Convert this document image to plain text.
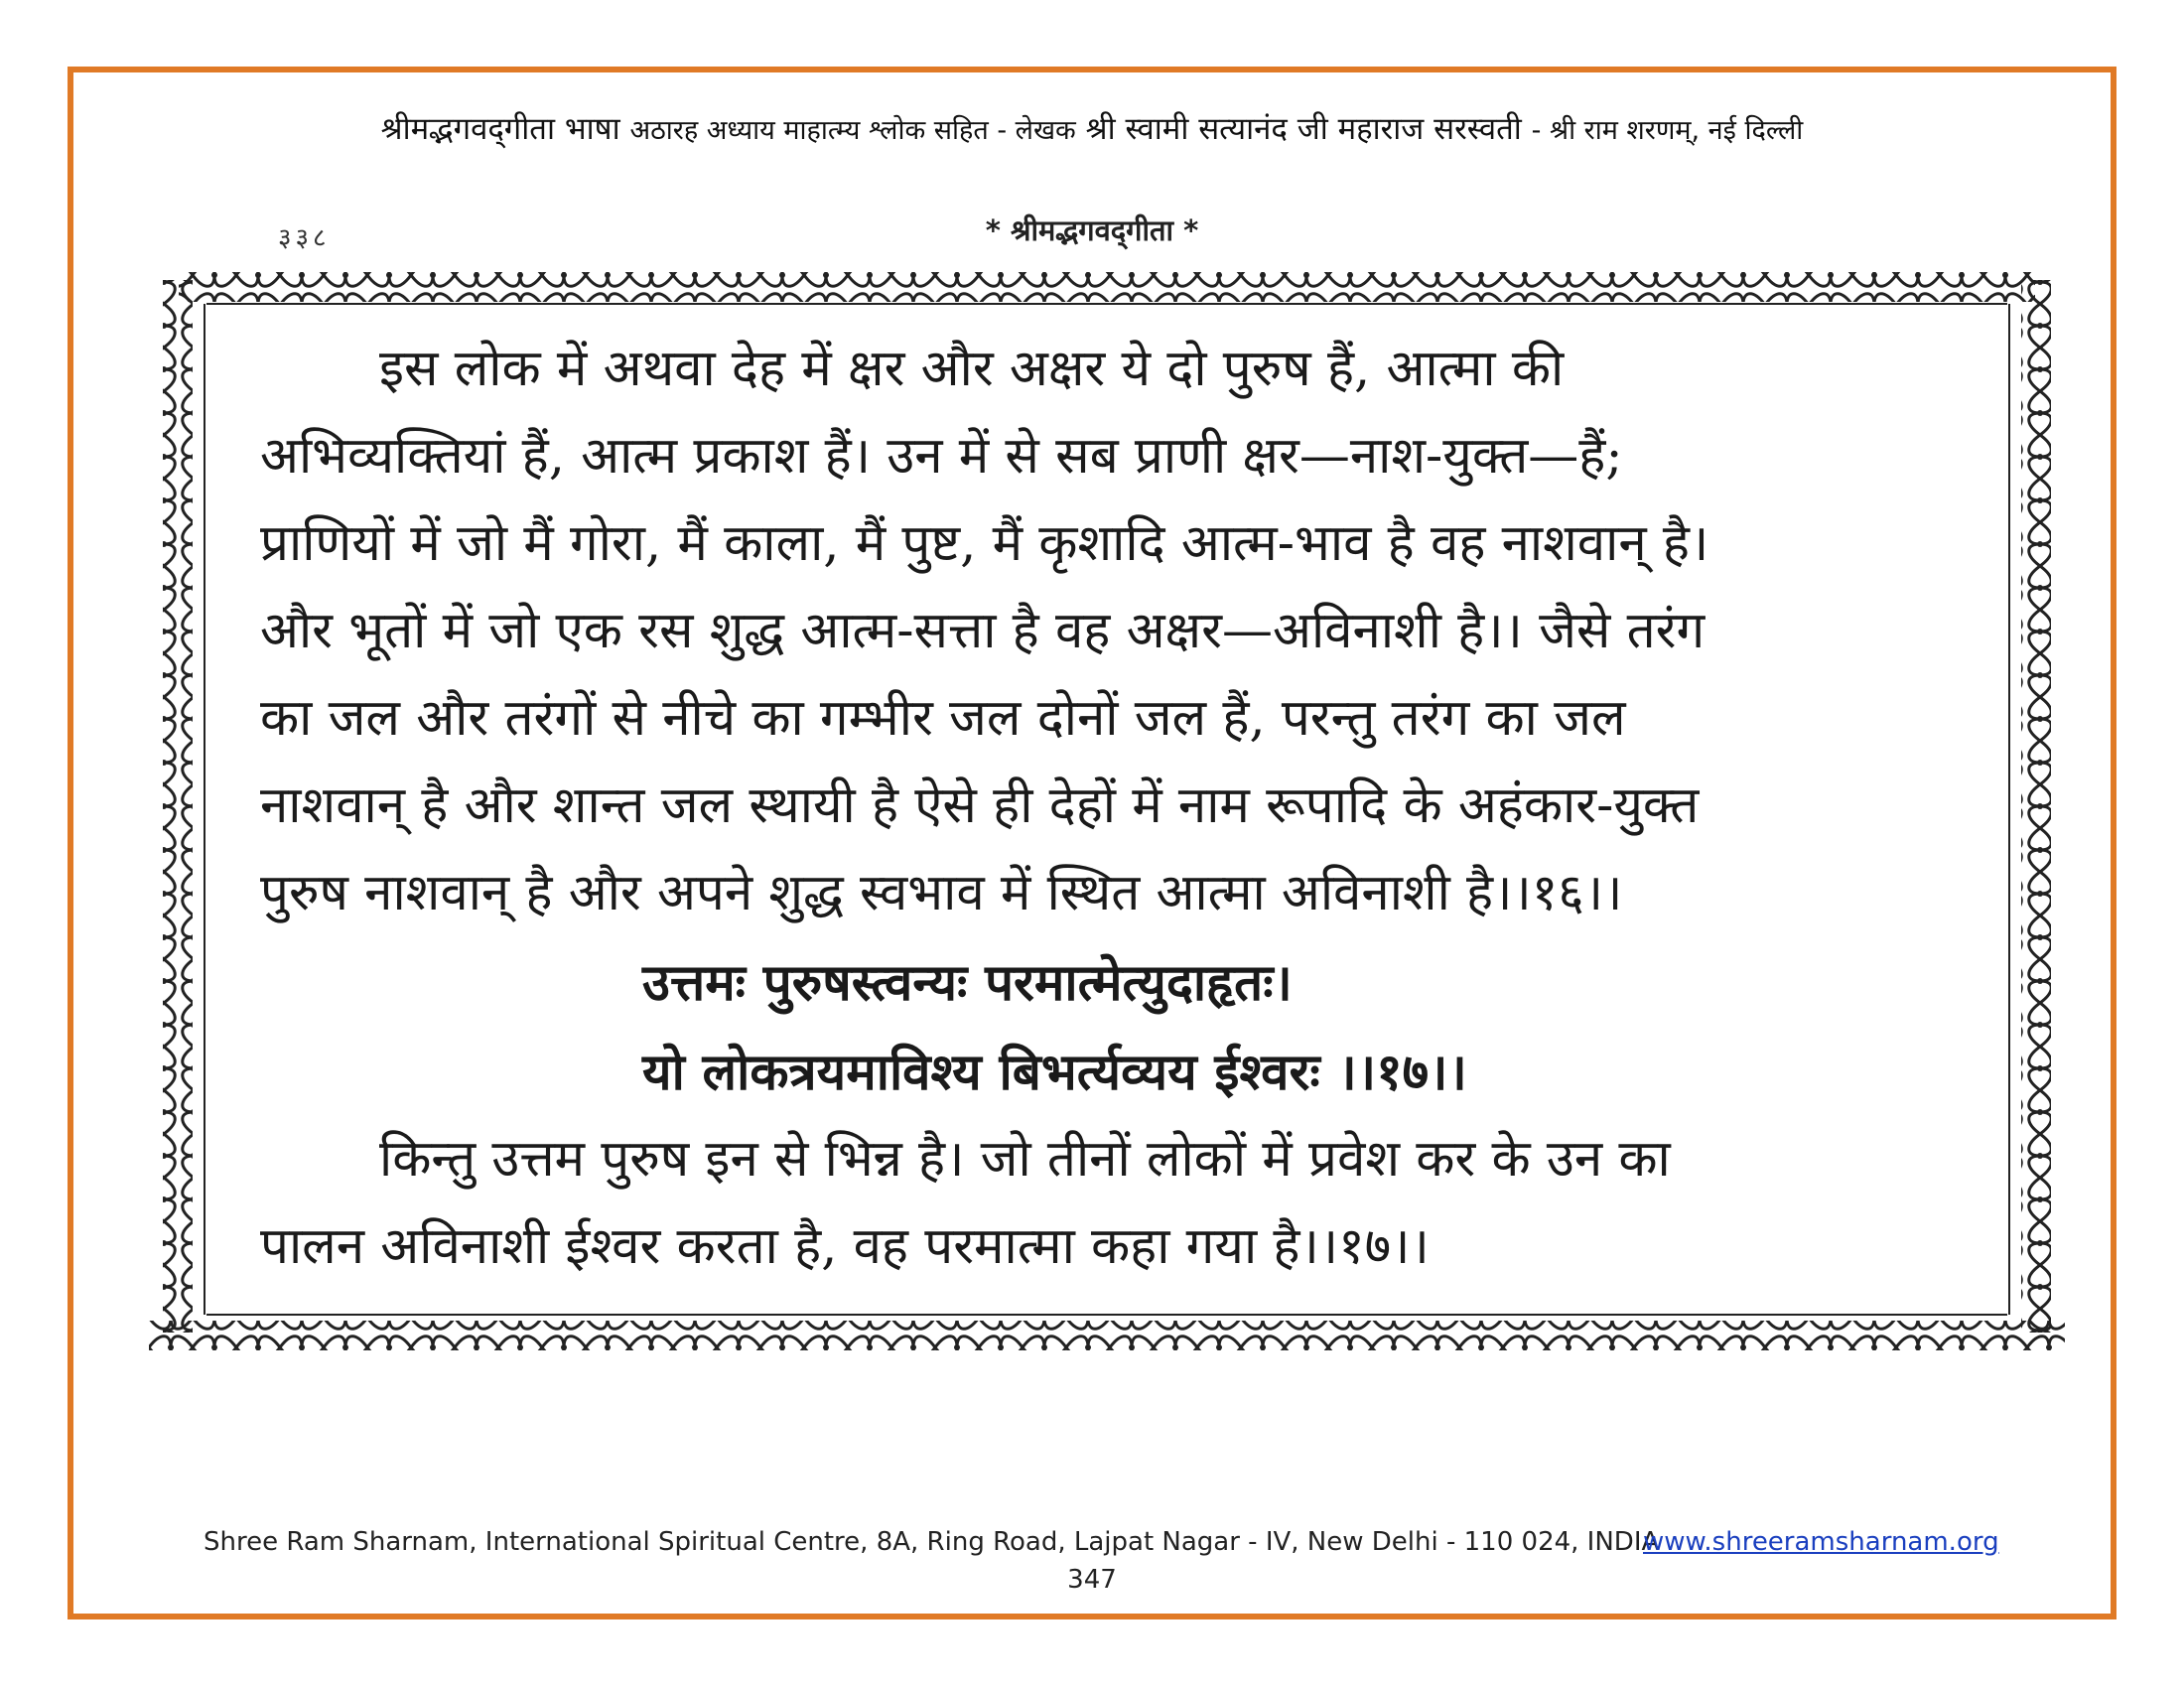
श्रीमद्भगवद्‌गीता भाषा अठारह अध्याय माहात्म्य श्लोक सहित - लेखक श्री स्वामी सत्यानंद जी महाराज सरस्वती - श्री राम शरणम्, नई दिल्ली
३३८	* श्रीमद्भगवद्‌गीता *
इस लोक में अथवा देह में क्षर और अक्षर ये दो पुरुष हैं, आत्मा की
अभिव्यक्तियां हैं, आत्म प्रकाश हैं। उन में से सब प्राणी क्षर—नाश-युक्त—हैं;
प्राणियों में जो मैं गोरा, मैं काला, मैं पुष्ट, मैं कृशादि आत्म-भाव है वह नाशवान् है।
और भूतों में जो एक रस शुद्ध आत्म-सत्ता है वह अक्षर—अविनाशी है।। जैसे तरंग
का जल और तरंगों से नीचे का गम्भीर जल दोनों जल हैं, परन्तु तरंग का जल
नाशवान् है और शान्त जल स्थायी है ऐसे ही देहों में नाम रूपादि के अहंकार-युक्त
पुरुष नाशवान् है और अपने शुद्ध स्वभाव में स्थित आत्मा अविनाशी है।।१६।।
उत्तमः पुरुषस्त्वन्यः परमात्मेत्युदाहृतः।
यो लोकत्रयमाविश्य बिभर्त्यव्यय ईश्वरः ।।१७।।
किन्तु उत्तम पुरुष इन से भिन्न है। जो तीनों लोकों में प्रवेश कर के उन का
पालन अविनाशी ईश्वर करता है, वह परमात्मा कहा गया है।।१७।।
Shree Ram Sharnam, International Spiritual Centre, 8A, Ring Road, Lajpat Nagar - IV, New Delhi - 110 024, INDIA
www.shreeramsharnam.org
347
